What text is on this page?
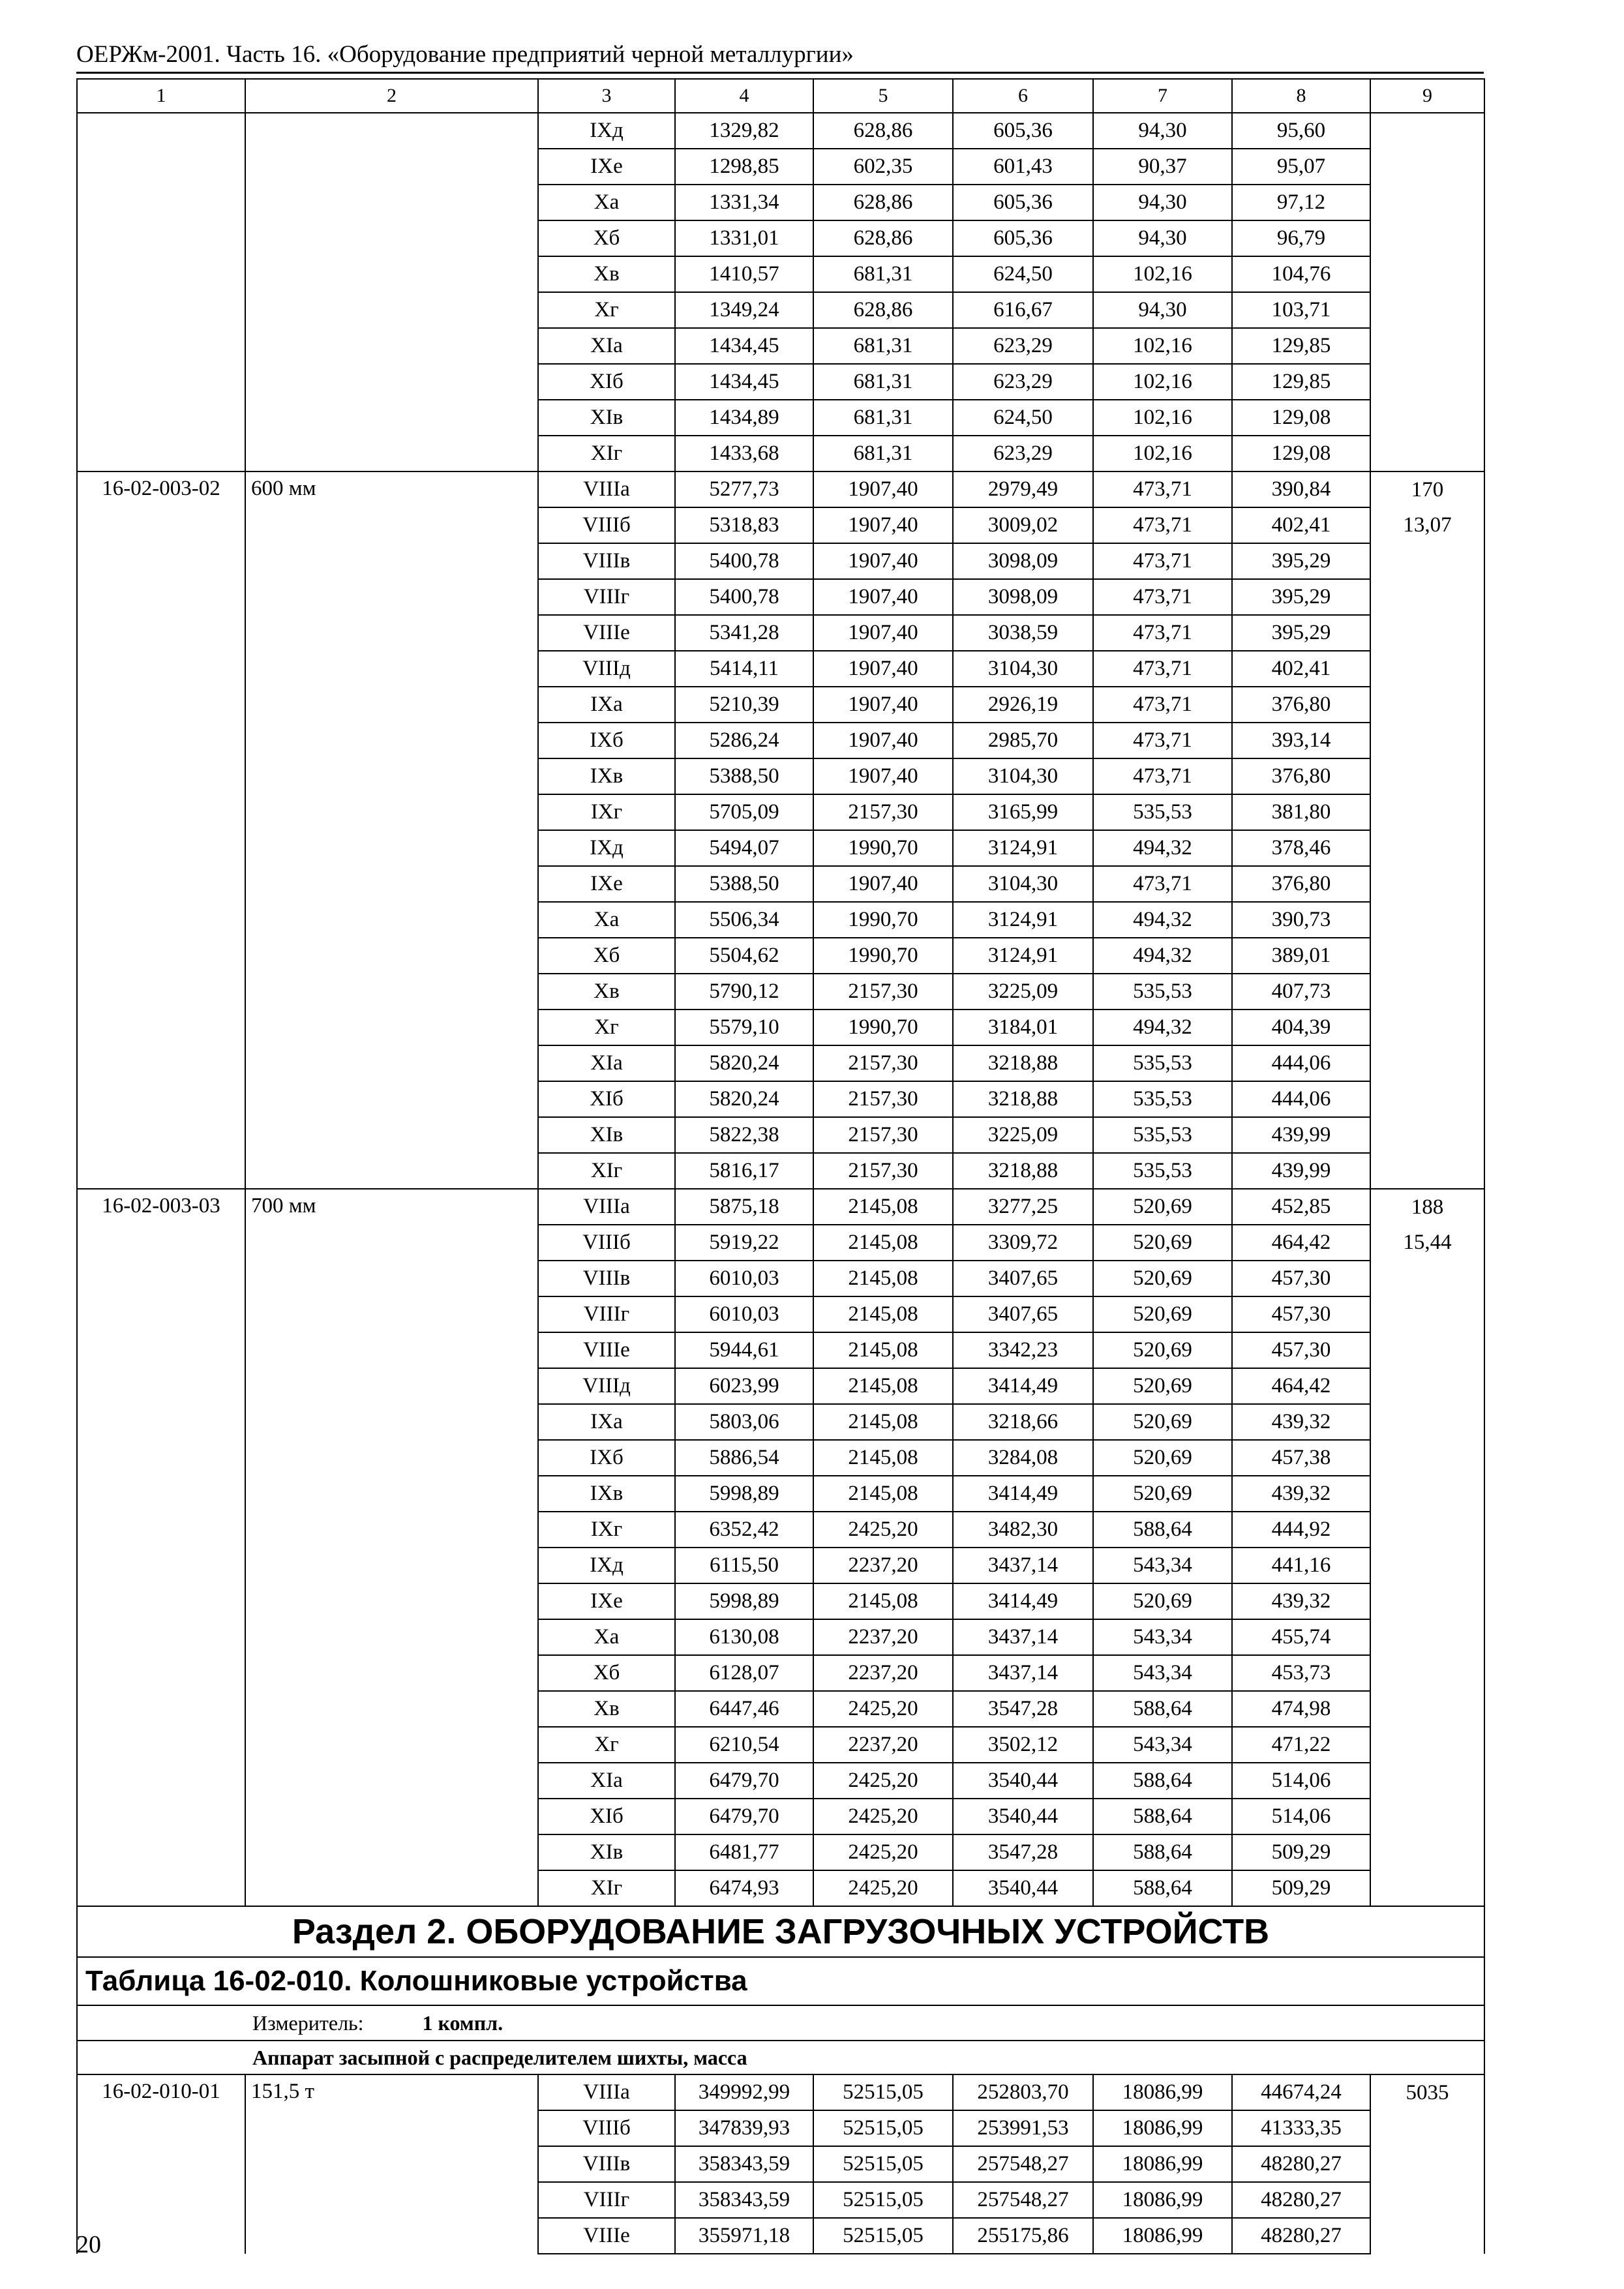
ОЕРЖм-2001. Часть 16. «Оборудование предприятий черной металлургии»
1	2	3	4	5	6	7	8	9
		IXд	1329,82	628,86	605,36	94,30	95,60	
		IXе	1298,85	602,35	601,43	90,37	95,07	
		Xа	1331,34	628,86	605,36	94,30	97,12	
		Xб	1331,01	628,86	605,36	94,30	96,79	
		Xв	1410,57	681,31	624,50	102,16	104,76	
		Xг	1349,24	628,86	616,67	94,30	103,71	
		XIа	1434,45	681,31	623,29	102,16	129,85	
		XIб	1434,45	681,31	623,29	102,16	129,85	
		XIв	1434,89	681,31	624,50	102,16	129,08	
		XIг	1433,68	681,31	623,29	102,16	129,08	
16-02-003-02	600 мм	VIIIа	5277,73	1907,40	2979,49	473,71	390,84	170
		VIIIб	5318,83	1907,40	3009,02	473,71	402,41	13,07
		VIIIв	5400,78	1907,40	3098,09	473,71	395,29	
		VIIIг	5400,78	1907,40	3098,09	473,71	395,29	
		VIIIе	5341,28	1907,40	3038,59	473,71	395,29	
		VIIIд	5414,11	1907,40	3104,30	473,71	402,41	
		IXа	5210,39	1907,40	2926,19	473,71	376,80	
		IXб	5286,24	1907,40	2985,70	473,71	393,14	
		IXв	5388,50	1907,40	3104,30	473,71	376,80	
		IXг	5705,09	2157,30	3165,99	535,53	381,80	
		IXд	5494,07	1990,70	3124,91	494,32	378,46	
		IXе	5388,50	1907,40	3104,30	473,71	376,80	
		Xа	5506,34	1990,70	3124,91	494,32	390,73	
		Xб	5504,62	1990,70	3124,91	494,32	389,01	
		Xв	5790,12	2157,30	3225,09	535,53	407,73	
		Xг	5579,10	1990,70	3184,01	494,32	404,39	
		XIа	5820,24	2157,30	3218,88	535,53	444,06	
		XIб	5820,24	2157,30	3218,88	535,53	444,06	
		XIв	5822,38	2157,30	3225,09	535,53	439,99	
		XIг	5816,17	2157,30	3218,88	535,53	439,99	
16-02-003-03	700 мм	VIIIа	5875,18	2145,08	3277,25	520,69	452,85	188
		VIIIб	5919,22	2145,08	3309,72	520,69	464,42	15,44
		VIIIв	6010,03	2145,08	3407,65	520,69	457,30	
		VIIIг	6010,03	2145,08	3407,65	520,69	457,30	
		VIIIе	5944,61	2145,08	3342,23	520,69	457,30	
		VIIIд	6023,99	2145,08	3414,49	520,69	464,42	
		IXа	5803,06	2145,08	3218,66	520,69	439,32	
		IXб	5886,54	2145,08	3284,08	520,69	457,38	
		IXв	5998,89	2145,08	3414,49	520,69	439,32	
		IXг	6352,42	2425,20	3482,30	588,64	444,92	
		IXд	6115,50	2237,20	3437,14	543,34	441,16	
		IXе	5998,89	2145,08	3414,49	520,69	439,32	
		Xа	6130,08	2237,20	3437,14	543,34	455,74	
		Xб	6128,07	2237,20	3437,14	543,34	453,73	
		Xв	6447,46	2425,20	3547,28	588,64	474,98	
		Xг	6210,54	2237,20	3502,12	543,34	471,22	
		XIа	6479,70	2425,20	3540,44	588,64	514,06	
		XIб	6479,70	2425,20	3540,44	588,64	514,06	
		XIв	6481,77	2425,20	3547,28	588,64	509,29	
		XIг	6474,93	2425,20	3540,44	588,64	509,29	
Раздел 2. ОБОРУДОВАНИЕ ЗАГРУЗОЧНЫХ УСТРОЙСТВ								
Таблица 16-02-010. Колошниковые устройства								
Измеритель: 1 компл.								
Аппарат засыпной с распределителем шихты, масса								
16-02-010-01	151,5 т	VIIIа	349992,99	52515,05	252803,70	18086,99	44674,24	5035
		VIIIб	347839,93	52515,05	253991,53	18086,99	41333,35	
		VIIIв	358343,59	52515,05	257548,27	18086,99	48280,27	
		VIIIг	358343,59	52515,05	257548,27	18086,99	48280,27	
		VIIIе	355971,18	52515,05	255175,86	18086,99	48280,27	
20
